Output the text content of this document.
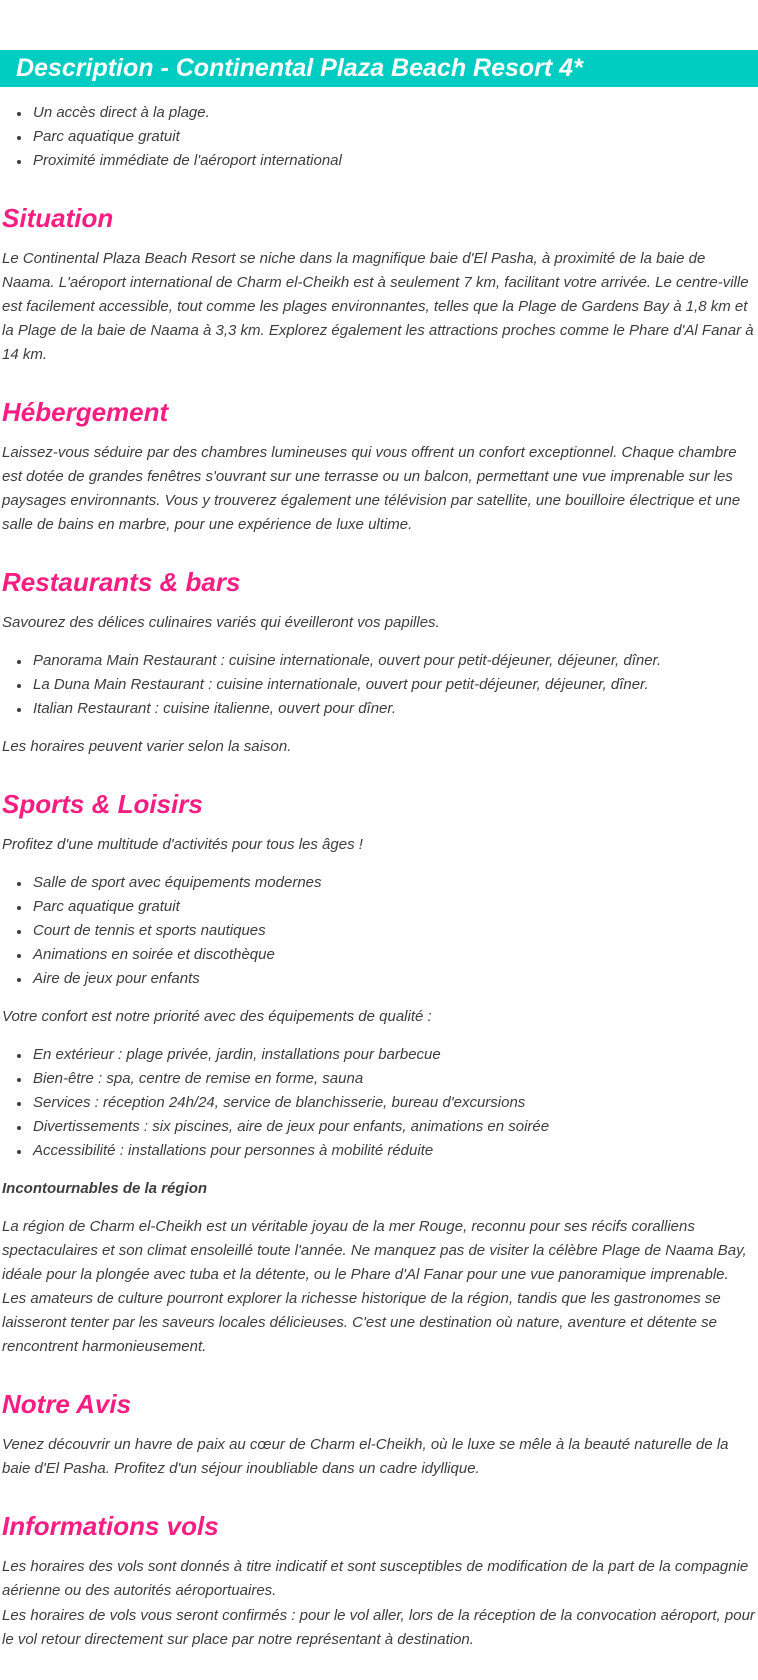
Description - Continental Plaza Beach Resort 4*
• Un accès direct à la plage.
• Parc aquatique gratuit
• Proximité immédiate de l'aéroport international
Situation

Le Continental Plaza Beach Resort se niche dans la magnifique baie d'El Pasha, à proximité de la baie de Naama. L'aéroport international de Charm el-Cheikh est à seulement 7 km, facilitant votre arrivée. Le centre-ville est facilement accessible, tout comme les plages environnantes, telles que la Plage de Gardens Bay à 1,8 km et la Plage de la baie de Naama à 3,3 km. Explorez également les attractions proches comme le Phare d'Al Fanar à 14 km.

Hébergement

Laissez-vous séduire par des chambres lumineuses qui vous offrent un confort exceptionnel. Chaque chambre est dotée de grandes fenêtres s'ouvrant sur une terrasse ou un balcon, permettant une vue imprenable sur les paysages environnants. Vous y trouverez également une télévision par satellite, une bouilloire électrique et une salle de bains en marbre, pour une expérience de luxe ultime.

Restaurants & bars

Savourez des délices culinaires variés qui éveilleront vos papilles.

• Panorama Main Restaurant : cuisine internationale, ouvert pour petit-déjeuner, déjeuner, dîner.
• La Duna Main Restaurant : cuisine internationale, ouvert pour petit-déjeuner, déjeuner, dîner.
• Italian Restaurant : cuisine italienne, ouvert pour dîner.

Les horaires peuvent varier selon la saison.

Sports & Loisirs

Profitez d'une multitude d'activités pour tous les âges !

• Salle de sport avec équipements modernes
• Parc aquatique gratuit
• Court de tennis et sports nautiques
• Animations en soirée et discothèque
• Aire de jeux pour enfants

Votre confort est notre priorité avec des équipements de qualité :

• En extérieur : plage privée, jardin, installations pour barbecue
• Bien-être : spa, centre de remise en forme, sauna
• Services : réception 24h/24, service de blanchisserie, bureau d'excursions
• Divertissements : six piscines, aire de jeux pour enfants, animations en soirée
• Accessibilité : installations pour personnes à mobilité réduite

Incontournables de la région

La région de Charm el-Cheikh est un véritable joyau de la mer Rouge, reconnu pour ses récifs coralliens spectaculaires et son climat ensoleillé toute l'année. Ne manquez pas de visiter la célèbre Plage de Naama Bay, idéale pour la plongée avec tuba et la détente, ou le Phare d'Al Fanar pour une vue panoramique imprenable. Les amateurs de culture pourront explorer la richesse historique de la région, tandis que les gastronomes se laisseront tenter par les saveurs locales délicieuses. C'est une destination où nature, aventure et détente se rencontrent harmonieusement.

Notre Avis

Venez découvrir un havre de paix au cœur de Charm el-Cheikh, où le luxe se mêle à la beauté naturelle de la baie d'El Pasha. Profitez d'un séjour inoubliable dans un cadre idyllique.

Informations vols

Les horaires des vols sont donnés à titre indicatif et sont susceptibles de modification de la part de la compagnie aérienne ou des autorités aéroportuaires.

Les horaires de vols vous seront confirmés : pour le vol aller, lors de la réception de la convocation aéroport, pour le vol retour directement sur place par notre représentant à destination.
